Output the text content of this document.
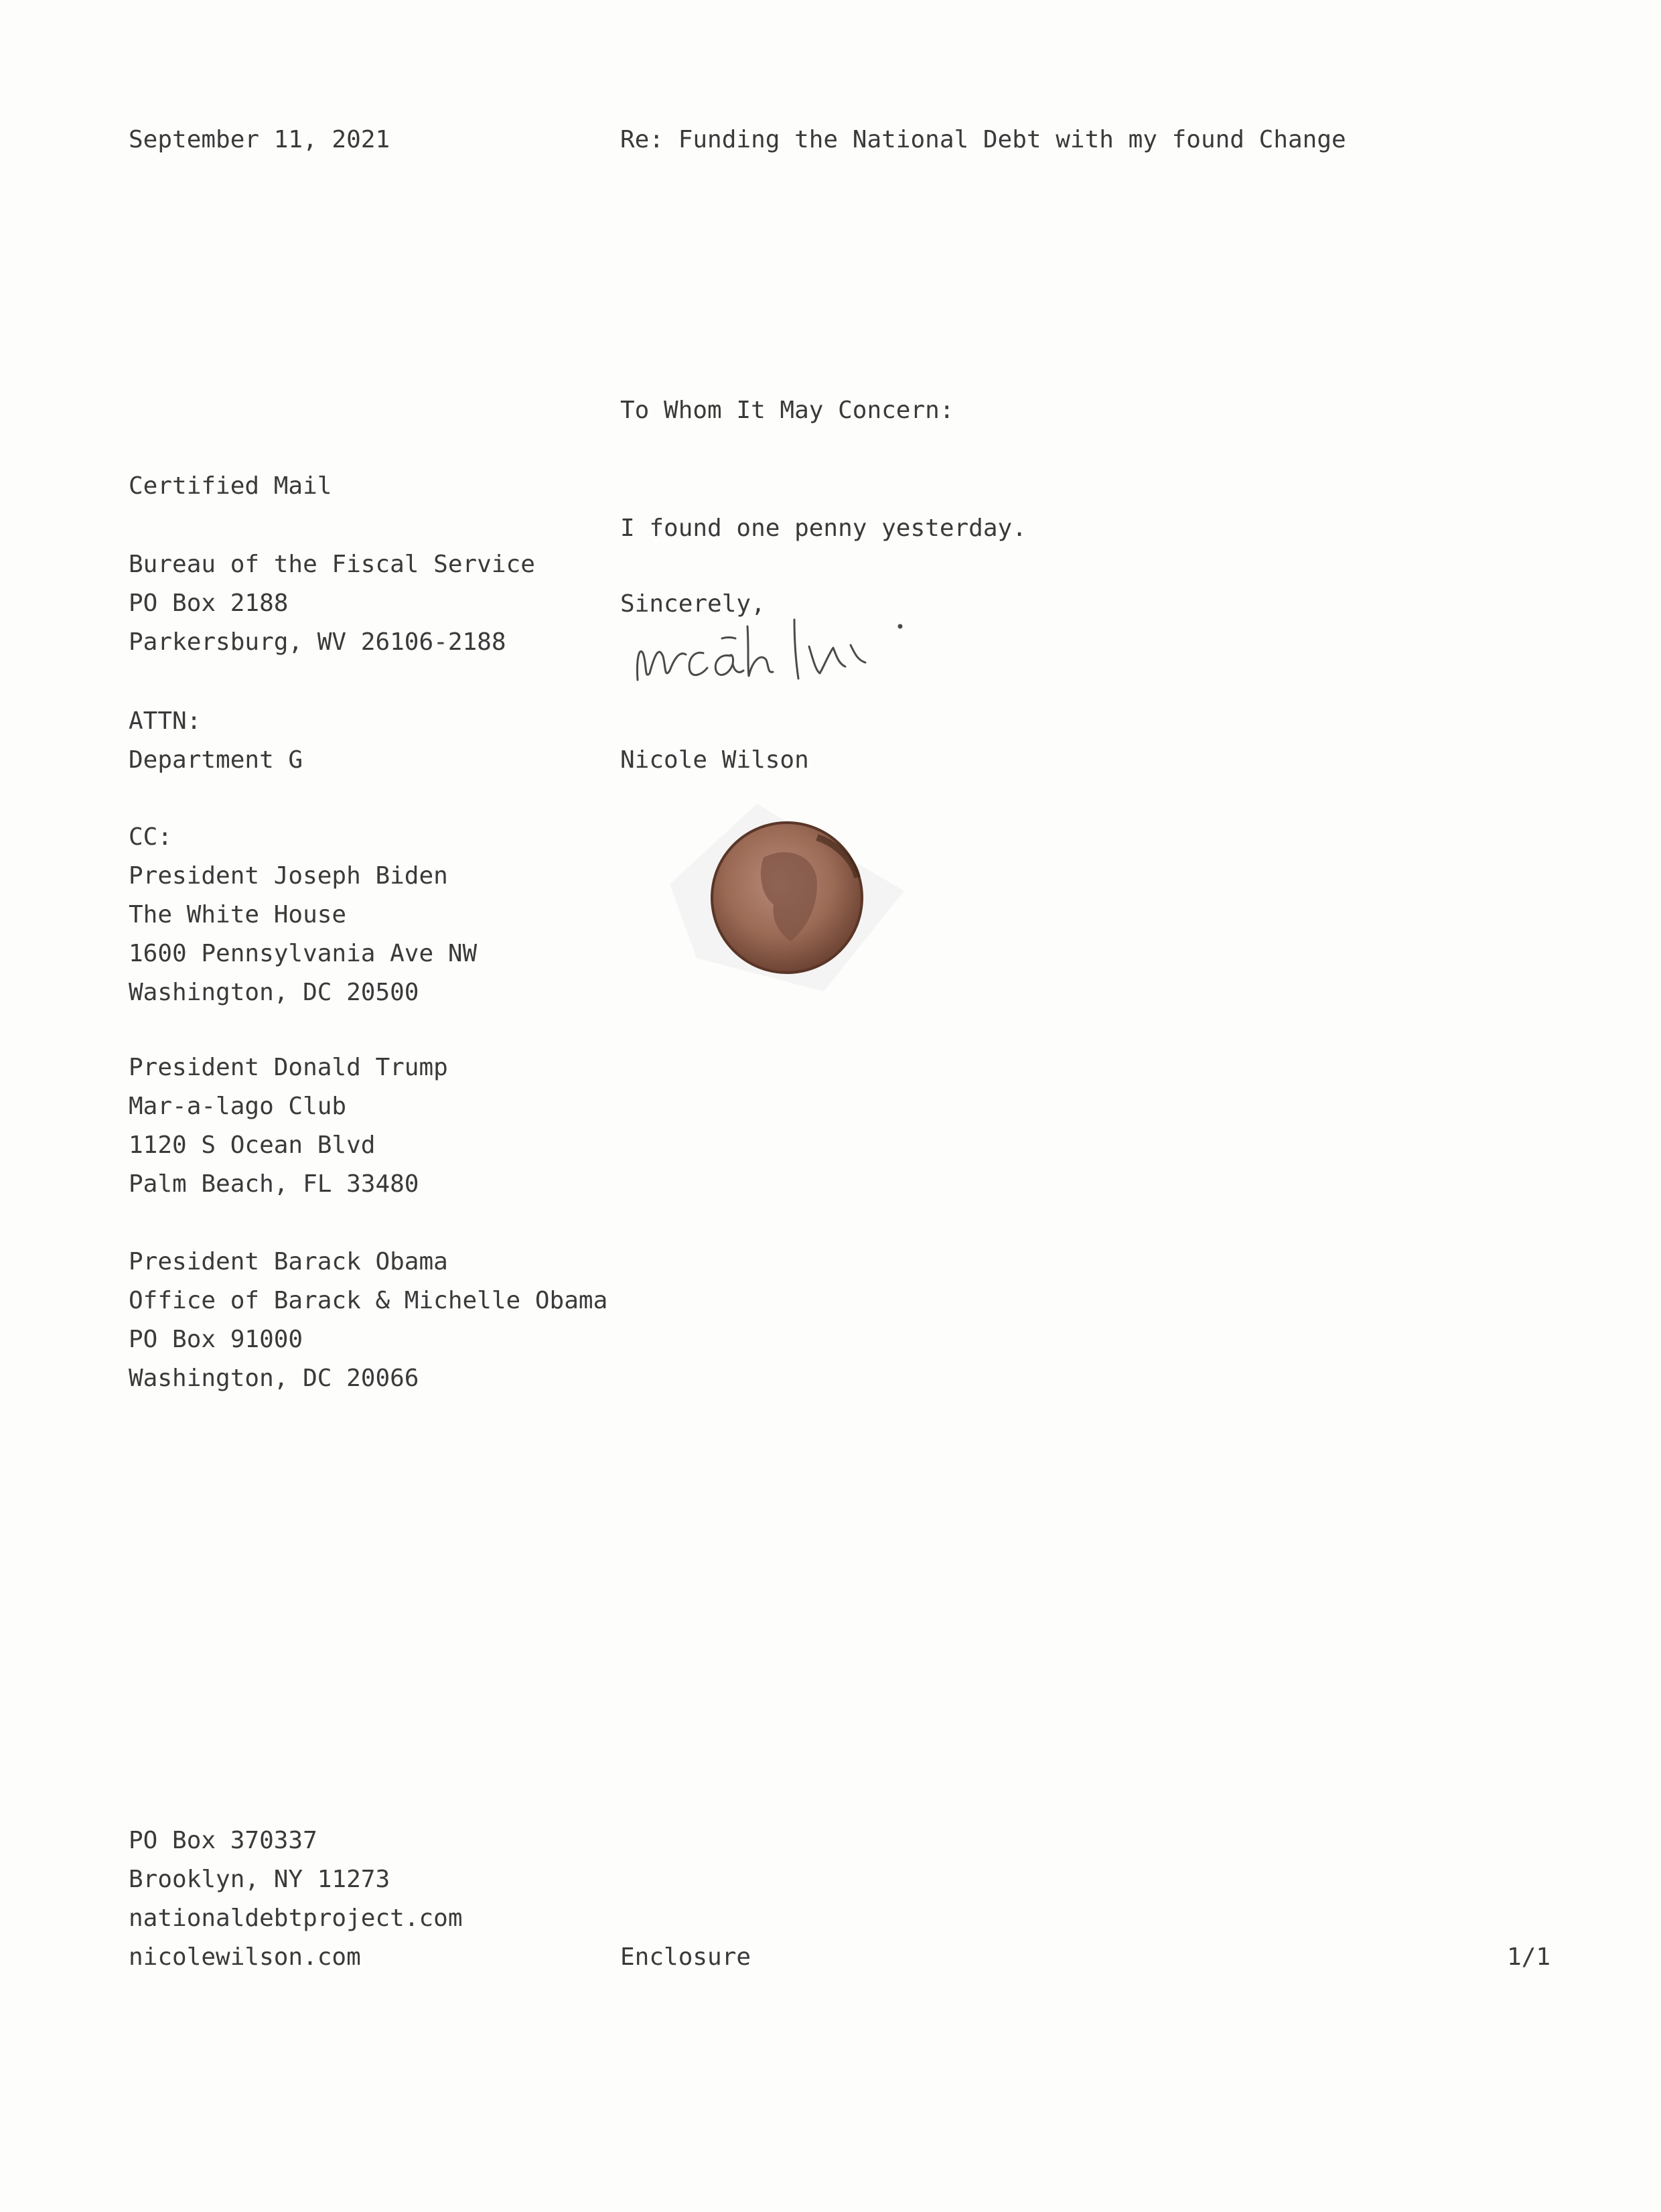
September 11, 2021	Re: Funding the National Debt with my found Change

To Whom It May Concern:

Certified Mail

I found one penny yesterday.

Sincerely,

Nicole Wilson

Bureau of the Fiscal Service
PO Box 2188
Parkersburg, WV 26106-2188
ATTN:
Department G
CC:
President Joseph Biden
The White House
1600 Pennsylvania Ave NW
Washington, DC 20500
President Donald Trump
Mar-a-lago Club
1120 S Ocean Blvd
Palm Beach, FL 33480
President Barack Obama
Office of Barack & Michelle Obama
PO Box 91000
Washington, DC 20066
PO Box 370337
Brooklyn, NY 11273
nationaldebtproject.com
nicolewilson.com	Enclosure	1/1
